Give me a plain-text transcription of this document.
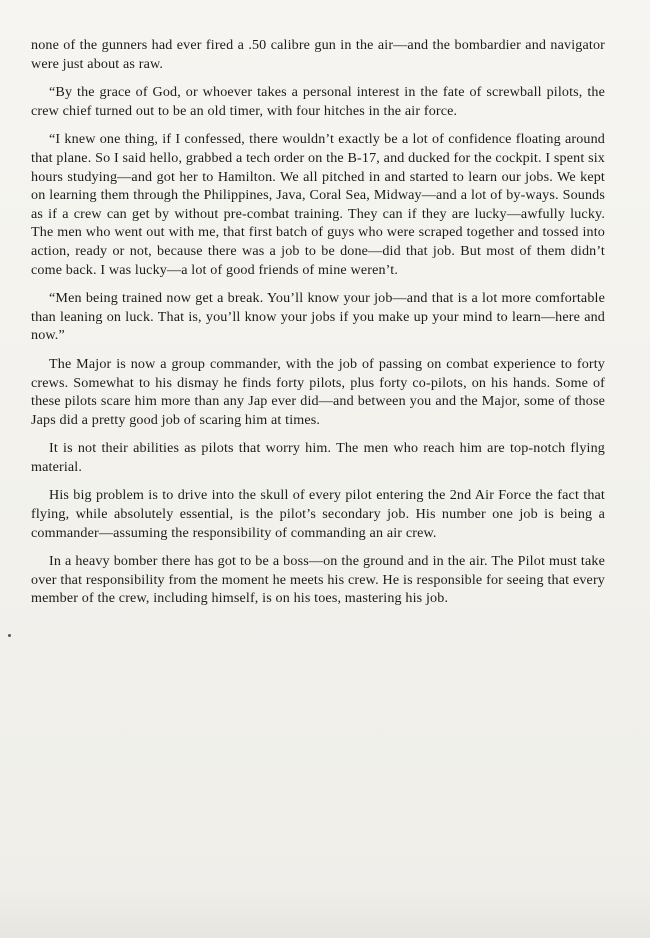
none of the gunners had ever fired a .50 calibre gun in the air—and the bombardier and navigator were just about as raw.

“By the grace of God, or whoever takes a personal interest in the fate of screwball pilots, the crew chief turned out to be an old timer, with four hitches in the air force.

“I knew one thing, if I confessed, there wouldn’t exactly be a lot of confidence floating around that plane. So I said hello, grabbed a tech order on the B-17, and ducked for the cockpit. I spent six hours studying—and got her to Hamilton. We all pitched in and started to learn our jobs. We kept on learning them through the Philippines, Java, Coral Sea, Midway—and a lot of by-ways. Sounds as if a crew can get by without pre-combat training. They can if they are lucky—awfully lucky. The men who went out with me, that first batch of guys who were scraped together and tossed into action, ready or not, because there was a job to be done—did that job. But most of them didn’t come back. I was lucky—a lot of good friends of mine weren’t.

“Men being trained now get a break. You’ll know your job—and that is a lot more comfortable than leaning on luck. That is, you’ll know your jobs if you make up your mind to learn—here and now.”

The Major is now a group commander, with the job of passing on combat experience to forty crews. Somewhat to his dismay he finds forty pilots, plus forty co-pilots, on his hands. Some of these pilots scare him more than any Jap ever did—and between you and the Major, some of those Japs did a pretty good job of scaring him at times.

It is not their abilities as pilots that worry him. The men who reach him are top-notch flying material.

His big problem is to drive into the skull of every pilot entering the 2nd Air Force the fact that flying, while absolutely essential, is the pilot’s secondary job. His number one job is being a commander—assuming the responsibility of commanding an air crew.

In a heavy bomber there has got to be a boss—on the ground and in the air. The Pilot must take over that responsibility from the moment he meets his crew. He is responsible for seeing that every member of the crew, including himself, is on his toes, mastering his job.
